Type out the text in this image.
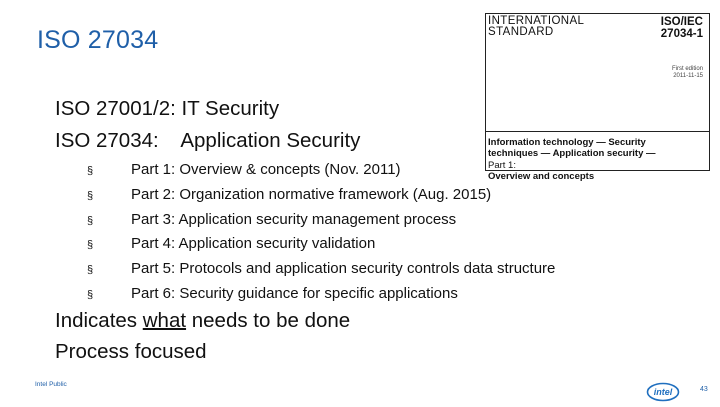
ISO 27034
ISO 27001/2: IT Security
ISO 27034:    Application Security
§	Part 1: Overview & concepts (Nov. 2011)
§	Part 2: Organization normative framework (Aug. 2015)
§	Part 3: Application security management process
§	Part 4: Application security validation
§	Part 5: Protocols and application security controls data structure
§	Part 6: Security guidance for specific applications
Indicates what needs to be done
Process focused
INTERNATIONAL
STANDARD
ISO/IEC
27034-1
First edition
2011-11-15
Information technology — Security
techniques — Application security —
Part 1:
Overview and concepts
Intel Public
intel	43
